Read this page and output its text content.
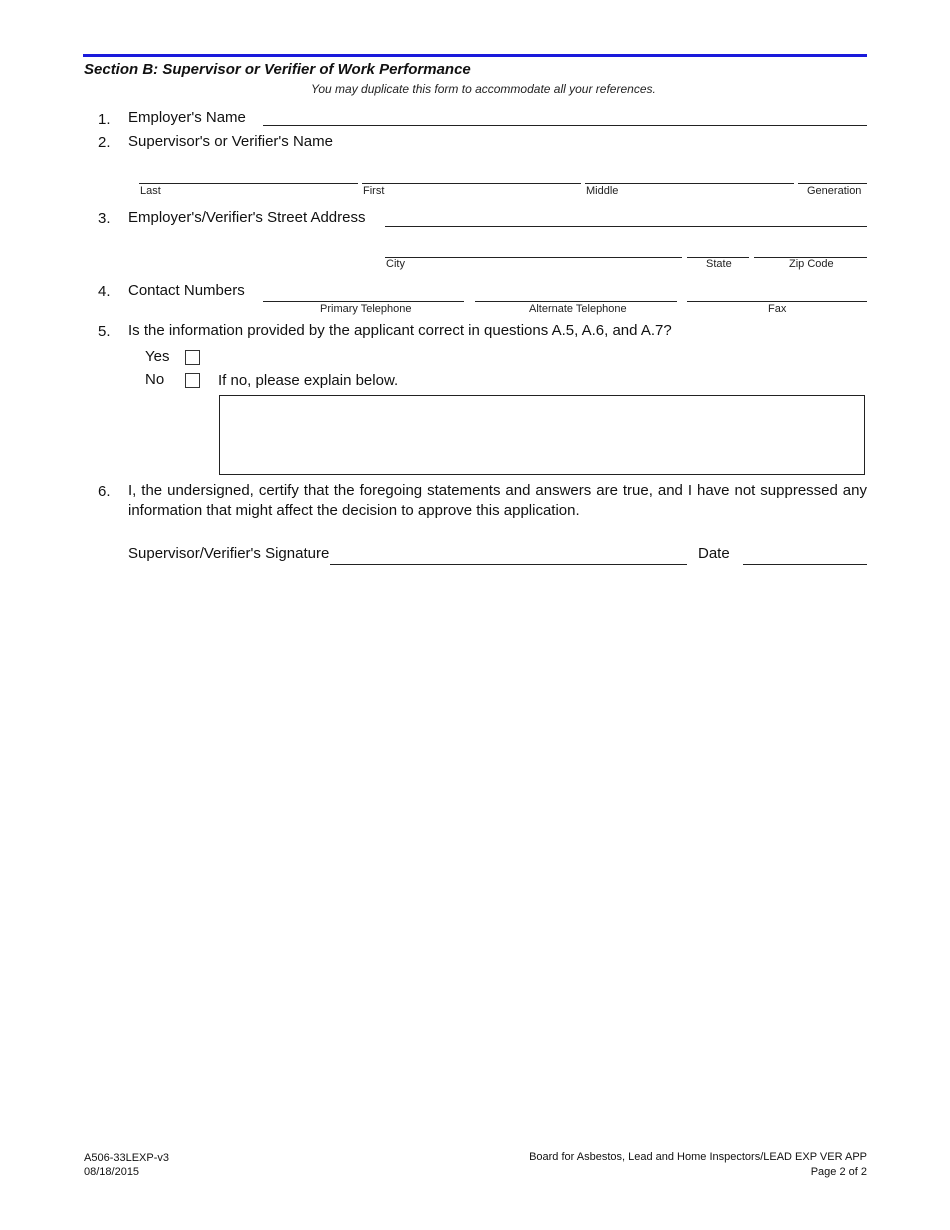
Section B: Supervisor or Verifier of Work Performance
You may duplicate this form to accommodate all your references.
1. Employer's Name
2. Supervisor's or Verifier's Name
Last	First	Middle	Generation
3. Employer's/Verifier's Street Address
City	State	Zip Code
4. Contact Numbers
Primary Telephone	Alternate Telephone	Fax
5. Is the information provided by the applicant correct in questions A.5, A.6, and A.7?
Yes
No	If no, please explain below.
6. I, the undersigned, certify that the foregoing statements and answers are true, and I have not suppressed any information that might affect the decision to approve this application.
Supervisor/Verifier's Signature	Date
A506-33LEXP-v3
08/18/2015
Board for Asbestos, Lead and Home Inspectors/LEAD EXP VER APP
Page 2 of 2
